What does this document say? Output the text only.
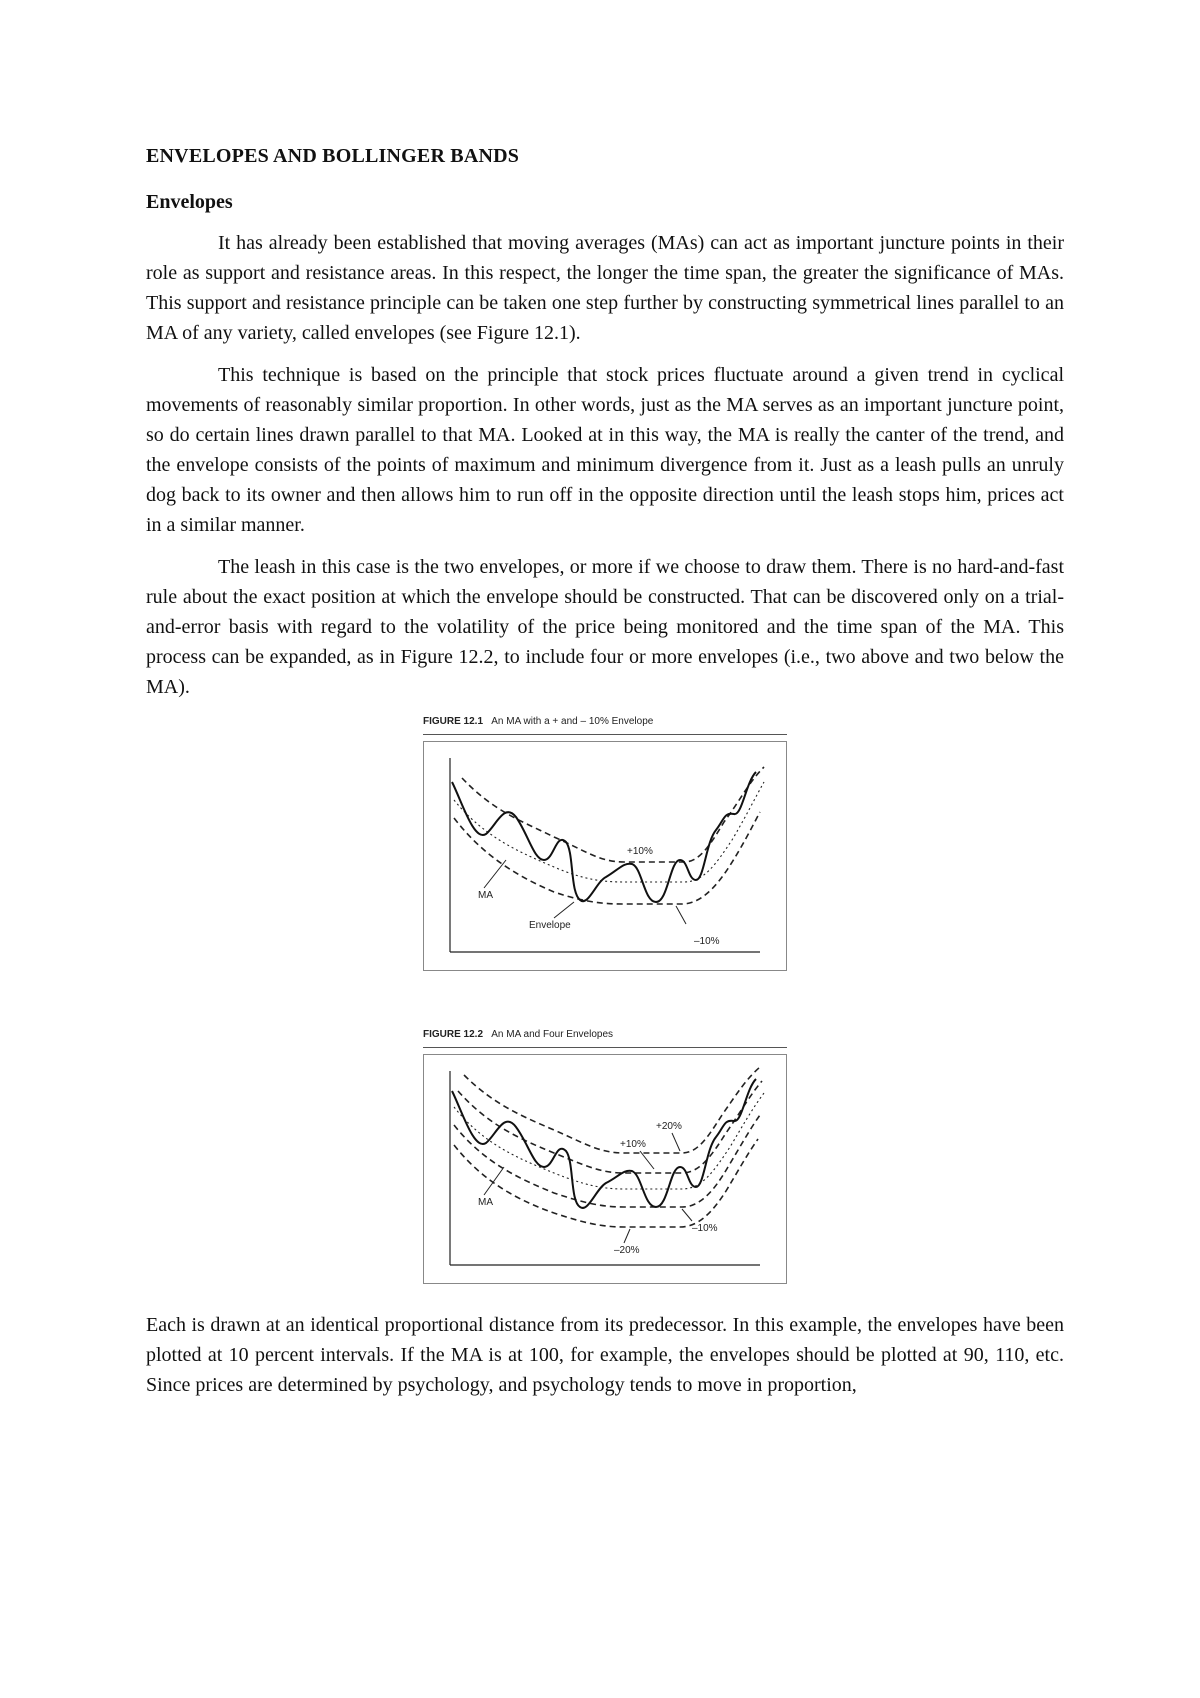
ENVELOPES AND BOLLINGER BANDS
Envelopes

It has already been established that moving averages (MAs) can act as important juncture points in their role as support and resistance areas. In this respect, the longer the time span, the greater the significance of MAs. This support and resistance principle can be taken one step further by constructing symmetrical lines parallel to an MA of any variety, called envelopes (see Figure 12.1).

This technique is based on the principle that stock prices fluctuate around a given trend in cyclical movements of reasonably similar proportion. In other words, just as the MA serves as an important juncture point, so do certain lines drawn parallel to that MA. Looked at in this way, the MA is really the canter of the trend, and the envelope consists of the points of maximum and minimum divergence from it. Just as a leash pulls an unruly dog back to its owner and then allows him to run off in the opposite direction until the leash stops him, prices act in a similar manner.

The leash in this case is the two envelopes, or more if we choose to draw them. There is no hard-and-fast rule about the exact position at which the envelope should be constructed. That can be discovered only on a trial-and-error basis with regard to the volatility of the price being monitored and the time span of the MA. This process can be expanded, as in Figure 12.2, to include four or more envelopes (i.e., two above and two below the MA).

FIGURE 12.1 An MA with a + and – 10% Envelope
+10%
–10%
MA
Envelope
FIGURE 12.2 An MA and Four Envelopes
+20%
+10%
–10%
–20%
MA

Each is drawn at an identical proportional distance from its predecessor. In this example, the envelopes have been plotted at 10 percent intervals. If the MA is at 100, for example, the envelopes should be plotted at 90, 110, etc. Since prices are determined by psychology, and psychology tends to move in proportion,
